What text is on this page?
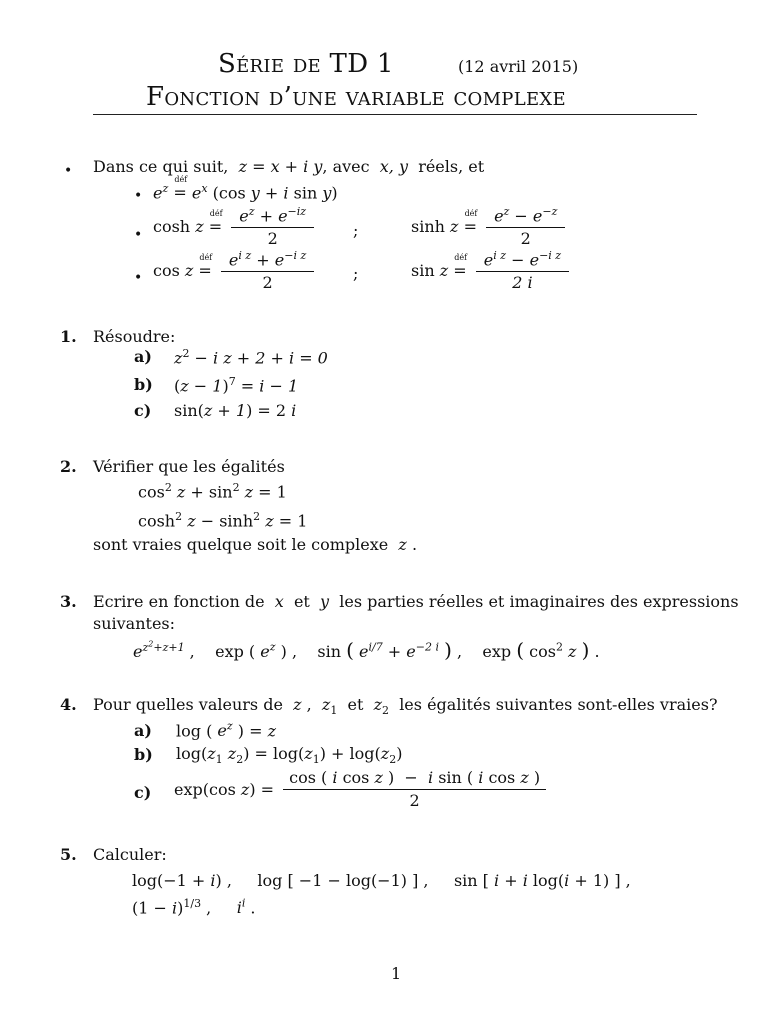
Série de TD 1	(12 avril 2015)
Fonction d’une variable complexe
• Dans ce qui suit, z = x + i y, avec x, y réels, et
• $e^z$ =
déf
$e^x$ (cos y + i sin y)
• cosh z =
déf
$\frac{e^z + e^{-iz}}{2}$ ;	sinh z =
déf
$\frac{e^z - e^{-z}}{2}$
• cos z =
déf
$\frac{e^{i z} + e^{-i z}}{2}$ ;	sin z =
déf
$\frac{e^{i z} - e^{-i z}}{2 i}$
1. Résoudre:
a) $z^2 - i$ z + 2 + i = 0
b) $(z - 1)^7 = i - 1$
c) sin(z + 1) = 2 i
2. Vérifier que les égalités
$\cos^2 z + \sin^2 z = 1$
$\cosh^2 z - \sinh^2 z = 1$
sont vraies quelque soit le complexe z .
3. Ecrire en fonction de x et y les parties réelles et imaginaires des expressions
suivantes:
$e^{z^2+z+1}$ ,    exp ( $e^z$ ) ,    sin ( $e^{i/7} + e^{-2 i}$ ) ,    exp ( $\cos^2 z$ ) .
4. Pour quelles valeurs de z ,  $z_1$ et $z_2$ les égalités suivantes sont-elles vraies?
a) log ( $e^z$ ) = z
b) $\log(z_1$ $z_2) = \log(z_1) + \log(z_2)$
c) exp(cos $z) = \frac{\text{cos ( i cos z )  −  i sin ( i cos z )}}{2}$
5. Calculer:
log(−1 + i) ,     log [ −1 − log(−1) ] ,     sin [ i + i log(i + 1) ] ,
$(1 - i)^{1/3}$ ,     $i^i$ .
1
